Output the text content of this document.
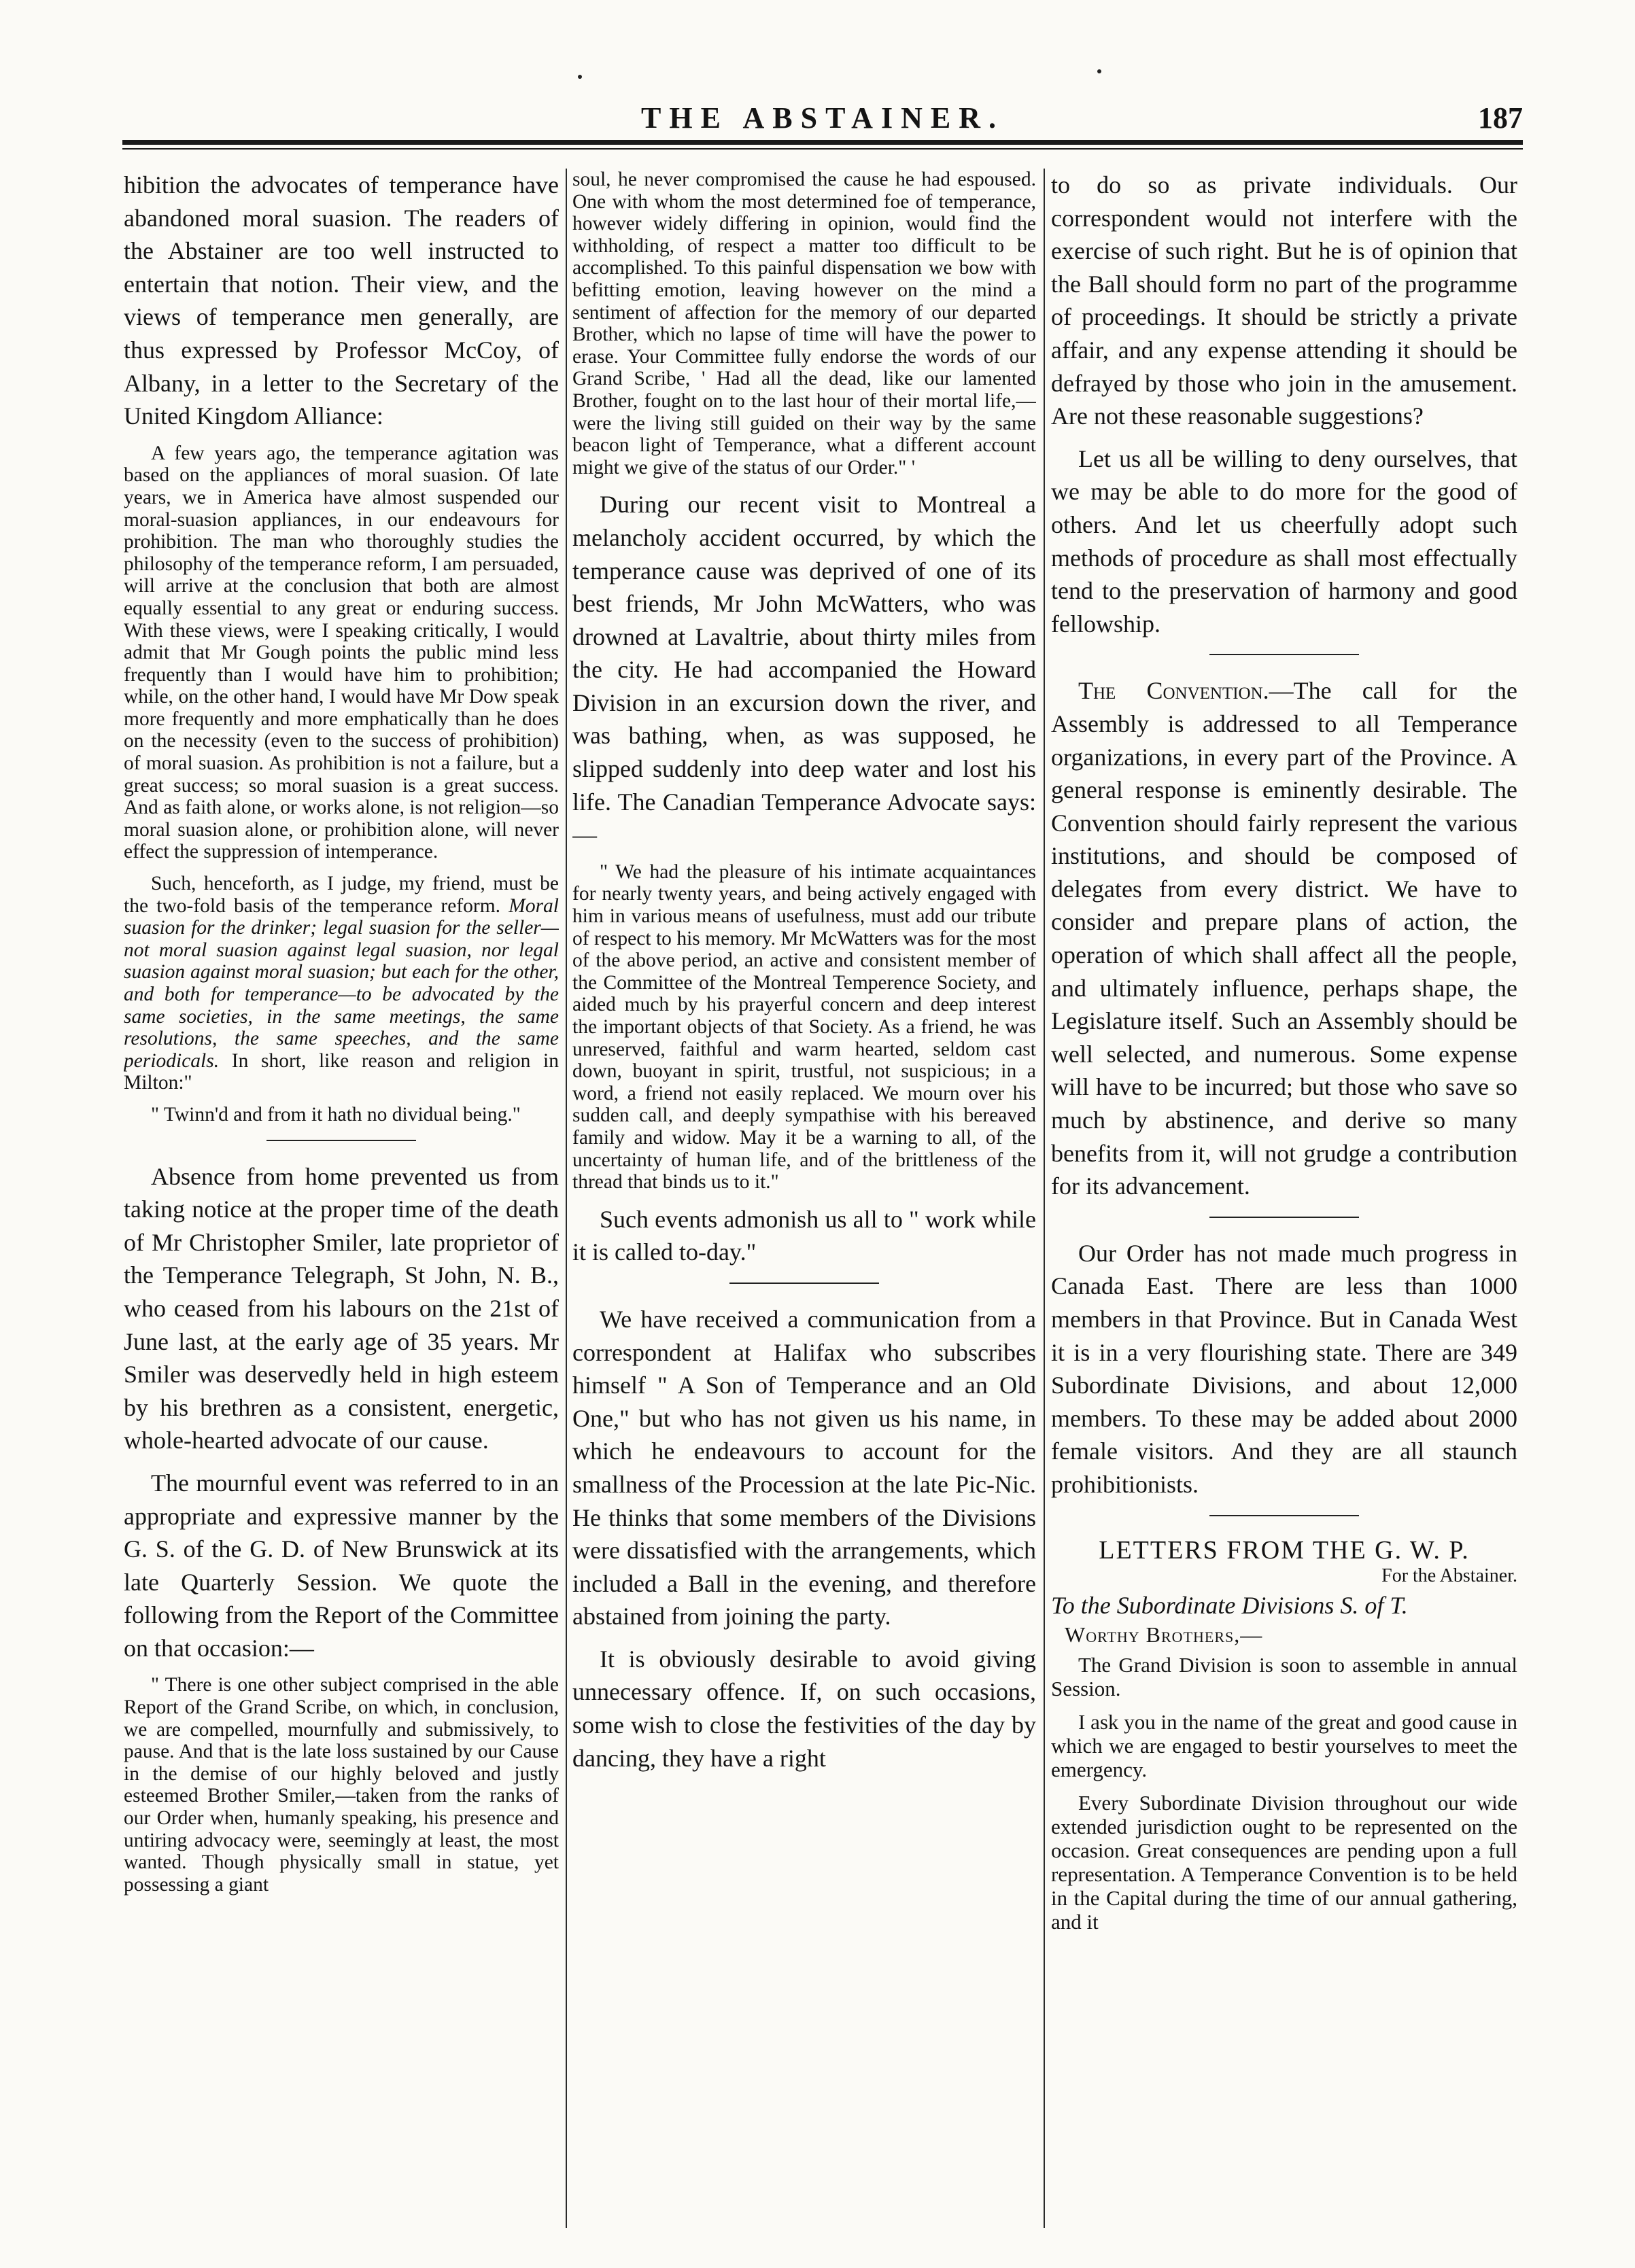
THE ABSTAINER.	187

hibition the advocates of temperance have abandoned moral suasion. The readers of the Abstainer are too well instructed to entertain that notion. Their view, and the views of temperance men generally, are thus expressed by Professor McCoy, of Albany, in a letter to the Secretary of the United Kingdom Alliance:

A few years ago, the temperance agitation was based on the appliances of moral suasion. Of late years, we in America have almost suspended our moral-suasion appliances, in our endeavours for prohibition. The man who thoroughly studies the philosophy of the temperance reform, I am persuaded, will arrive at the conclusion that both are almost equally essential to any great or enduring success. With these views, were I speaking critically, I would admit that Mr Gough points the public mind less frequently than I would have him to prohibition; while, on the other hand, I would have Mr Dow speak more frequently and more emphatically than he does on the necessity (even to the success of prohibition) of moral suasion. As prohibition is not a failure, but a great success; so moral suasion is a great success. And as faith alone, or works alone, is not religion—so moral suasion alone, or prohibition alone, will never effect the suppression of intemperance.

Such, henceforth, as I judge, my friend, must be the two-fold basis of the temperance reform. Moral suasion for the drinker; legal suasion for the seller—not moral suasion against legal suasion, nor legal suasion against moral suasion; but each for the other, and both for temperance—to be advocated by the same societies, in the same meetings, the same resolutions, the same speeches, and the same periodicals. In short, like reason and religion in Milton:"

" Twinn'd and from it hath no dividual being."

Absence from home prevented us from taking notice at the proper time of the death of Mr Christopher Smiler, late proprietor of the Temperance Telegraph, St John, N. B., who ceased from his labours on the 21st of June last, at the early age of 35 years. Mr Smiler was deservedly held in high esteem by his brethren as a consistent, energetic, whole-hearted advocate of our cause.

The mournful event was referred to in an appropriate and expressive manner by the G. S. of the G. D. of New Brunswick at its late Quarterly Session. We quote the following from the Report of the Committee on that occasion:—

" There is one other subject comprised in the able Report of the Grand Scribe, on which, in conclusion, we are compelled, mournfully and submissively, to pause. And that is the late loss sustained by our Cause in the demise of our highly beloved and justly esteemed Brother Smiler,—taken from the ranks of our Order when, humanly speaking, his presence and untiring advocacy were, seemingly at least, the most wanted. Though physically small in statue, yet possessing a giant

soul, he never compromised the cause he had espoused. One with whom the most determined foe of temperance, however widely differing in opinion, would find the withholding, of respect a matter too difficult to be accomplished. To this painful dispensation we bow with befitting emotion, leaving however on the mind a sentiment of affection for the memory of our departed Brother, which no lapse of time will have the power to erase. Your Committee fully endorse the words of our Grand Scribe, ' Had all the dead, like our lamented Brother, fought on to the last hour of their mortal life,—were the living still guided on their way by the same beacon light of Temperance, what a different account might we give of the status of our Order." '

During our recent visit to Montreal a melancholy accident occurred, by which the temperance cause was deprived of one of its best friends, Mr John McWatters, who was drowned at Lavaltrie, about thirty miles from the city. He had accompanied the Howard Division in an excursion down the river, and was bathing, when, as was supposed, he slipped suddenly into deep water and lost his life. The Canadian Temperance Advocate says:—

" We had the pleasure of his intimate acquaintances for nearly twenty years, and being actively engaged with him in various means of usefulness, must add our tribute of respect to his memory. Mr McWatters was for the most of the above period, an active and consistent member of the Committee of the Montreal Temperence Society, and aided much by his prayerful concern and deep interest the important objects of that Society. As a friend, he was unreserved, faithful and warm hearted, seldom cast down, buoyant in spirit, trustful, not suspicious; in a word, a friend not easily replaced. We mourn over his sudden call, and deeply sympathise with his bereaved family and widow. May it be a warning to all, of the uncertainty of human life, and of the brittleness of the thread that binds us to it."

Such events admonish us all to " work while it is called to-day."

We have received a communication from a correspondent at Halifax who subscribes himself " A Son of Temperance and an Old One," but who has not given us his name, in which he endeavours to account for the smallness of the Procession at the late Pic-Nic. He thinks that some members of the Divisions were dissatisfied with the arrangements, which included a Ball in the evening, and therefore abstained from joining the party.

It is obviously desirable to avoid giving unnecessary offence. If, on such occasions, some wish to close the festivities of the day by dancing, they have a right

to do so as private individuals. Our correspondent would not interfere with the exercise of such right. But he is of opinion that the Ball should form no part of the programme of proceedings. It should be strictly a private affair, and any expense attending it should be defrayed by those who join in the amusement. Are not these reasonable suggestions?

Let us all be willing to deny ourselves, that we may be able to do more for the good of others. And let us cheerfully adopt such methods of procedure as shall most effectually tend to the preservation of harmony and good fellowship.

The Convention.—The call for the Assembly is addressed to all Temperance organizations, in every part of the Province. A general response is eminently desirable. The Convention should fairly represent the various institutions, and should be composed of delegates from every district. We have to consider and prepare plans of action, the operation of which shall affect all the people, and ultimately influence, perhaps shape, the Legislature itself. Such an Assembly should be well selected, and numerous. Some expense will have to be incurred; but those who save so much by abstinence, and derive so many benefits from it, will not grudge a contribution for its advancement.

Our Order has not made much progress in Canada East. There are less than 1000 members in that Province. But in Canada West it is in a very flourishing state. There are 349 Subordinate Divisions, and about 12,000 members. To these may be added about 2000 female visitors. And they are all staunch prohibitionists.

LETTERS FROM THE G. W. P.
For the Abstainer.
To the Subordinate Divisions S. of T.
Worthy Brothers,—

The Grand Division is soon to assemble in annual Session.

I ask you in the name of the great and good cause in which we are engaged to bestir yourselves to meet the emergency.

Every Subordinate Division throughout our wide extended jurisdiction ought to be represented on the occasion. Great consequences are pending upon a full representation. A Temperance Convention is to be held in the Capital during the time of our annual gathering, and it
